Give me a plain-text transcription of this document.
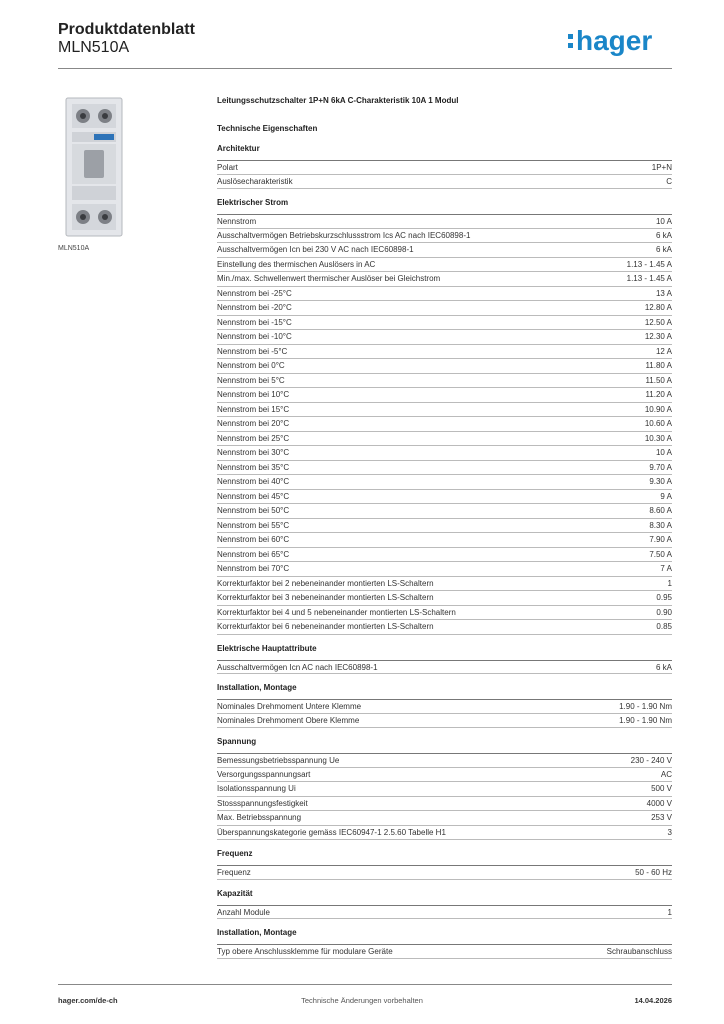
Produktdatenblatt
MLN510A	hager
MLN510A
Leitungsschutzschalter 1P+N 6kA C-Charakteristik 10A 1 Modul
Technische Eigenschaften
Architektur
Polart	1P+N
Auslösecharakteristik	C
Elektrischer Strom
Nennstrom	10 A
Ausschaltvermögen Betriebskurzschlussstrom Ics AC nach IEC60898-1	6 kA
Ausschaltvermögen Icn bei 230 V AC nach IEC60898-1	6 kA
Einstellung des thermischen Auslösers in AC	1.13 - 1.45 A
Min./max. Schwellenwert thermischer Auslöser bei Gleichstrom	1.13 - 1.45 A
Nennstrom bei -25°C	13 A
Nennstrom bei -20°C	12.80 A
Nennstrom bei -15°C	12.50 A
Nennstrom bei -10°C	12.30 A
Nennstrom bei -5°C	12 A
Nennstrom bei 0°C	11.80 A
Nennstrom bei 5°C	11.50 A
Nennstrom bei 10°C	11.20 A
Nennstrom bei 15°C	10.90 A
Nennstrom bei 20°C	10.60 A
Nennstrom bei 25°C	10.30 A
Nennstrom bei 30°C	10 A
Nennstrom bei 35°C	9.70 A
Nennstrom bei 40°C	9.30 A
Nennstrom bei 45°C	9 A
Nennstrom bei 50°C	8.60 A
Nennstrom bei 55°C	8.30 A
Nennstrom bei 60°C	7.90 A
Nennstrom bei 65°C	7.50 A
Nennstrom bei 70°C	7 A
Korrekturfaktor bei 2 nebeneinander montierten LS-Schaltern	1
Korrekturfaktor bei 3 nebeneinander montierten LS-Schaltern	0.95
Korrekturfaktor bei 4 und 5 nebeneinander montierten LS-Schaltern	0.90
Korrekturfaktor bei 6 nebeneinander montierten LS-Schaltern	0.85
Elektrische Hauptattribute
Ausschaltvermögen Icn AC nach IEC60898-1	6 kA
Installation, Montage
Nominales Drehmoment Untere Klemme	1.90 - 1.90 Nm
Nominales Drehmoment Obere Klemme	1.90 - 1.90 Nm
Spannung
Bemessungsbetriebsspannung Ue	230 - 240 V
Versorgungsspannungsart	AC
Isolationsspannung Ui	500 V
Stossspannungsfestigkeit	4000 V
Max. Betriebsspannung	253 V
Überspannungskategorie gemäss IEC60947-1 2.5.60 Tabelle H1	3
Frequenz
Frequenz	50 - 60 Hz
Kapazität
Anzahl Module	1
Installation, Montage
Typ obere Anschlussklemme für modulare Geräte	Schraubanschluss
hager.com/de-ch	Technische Änderungen vorbehalten	14.04.2026
